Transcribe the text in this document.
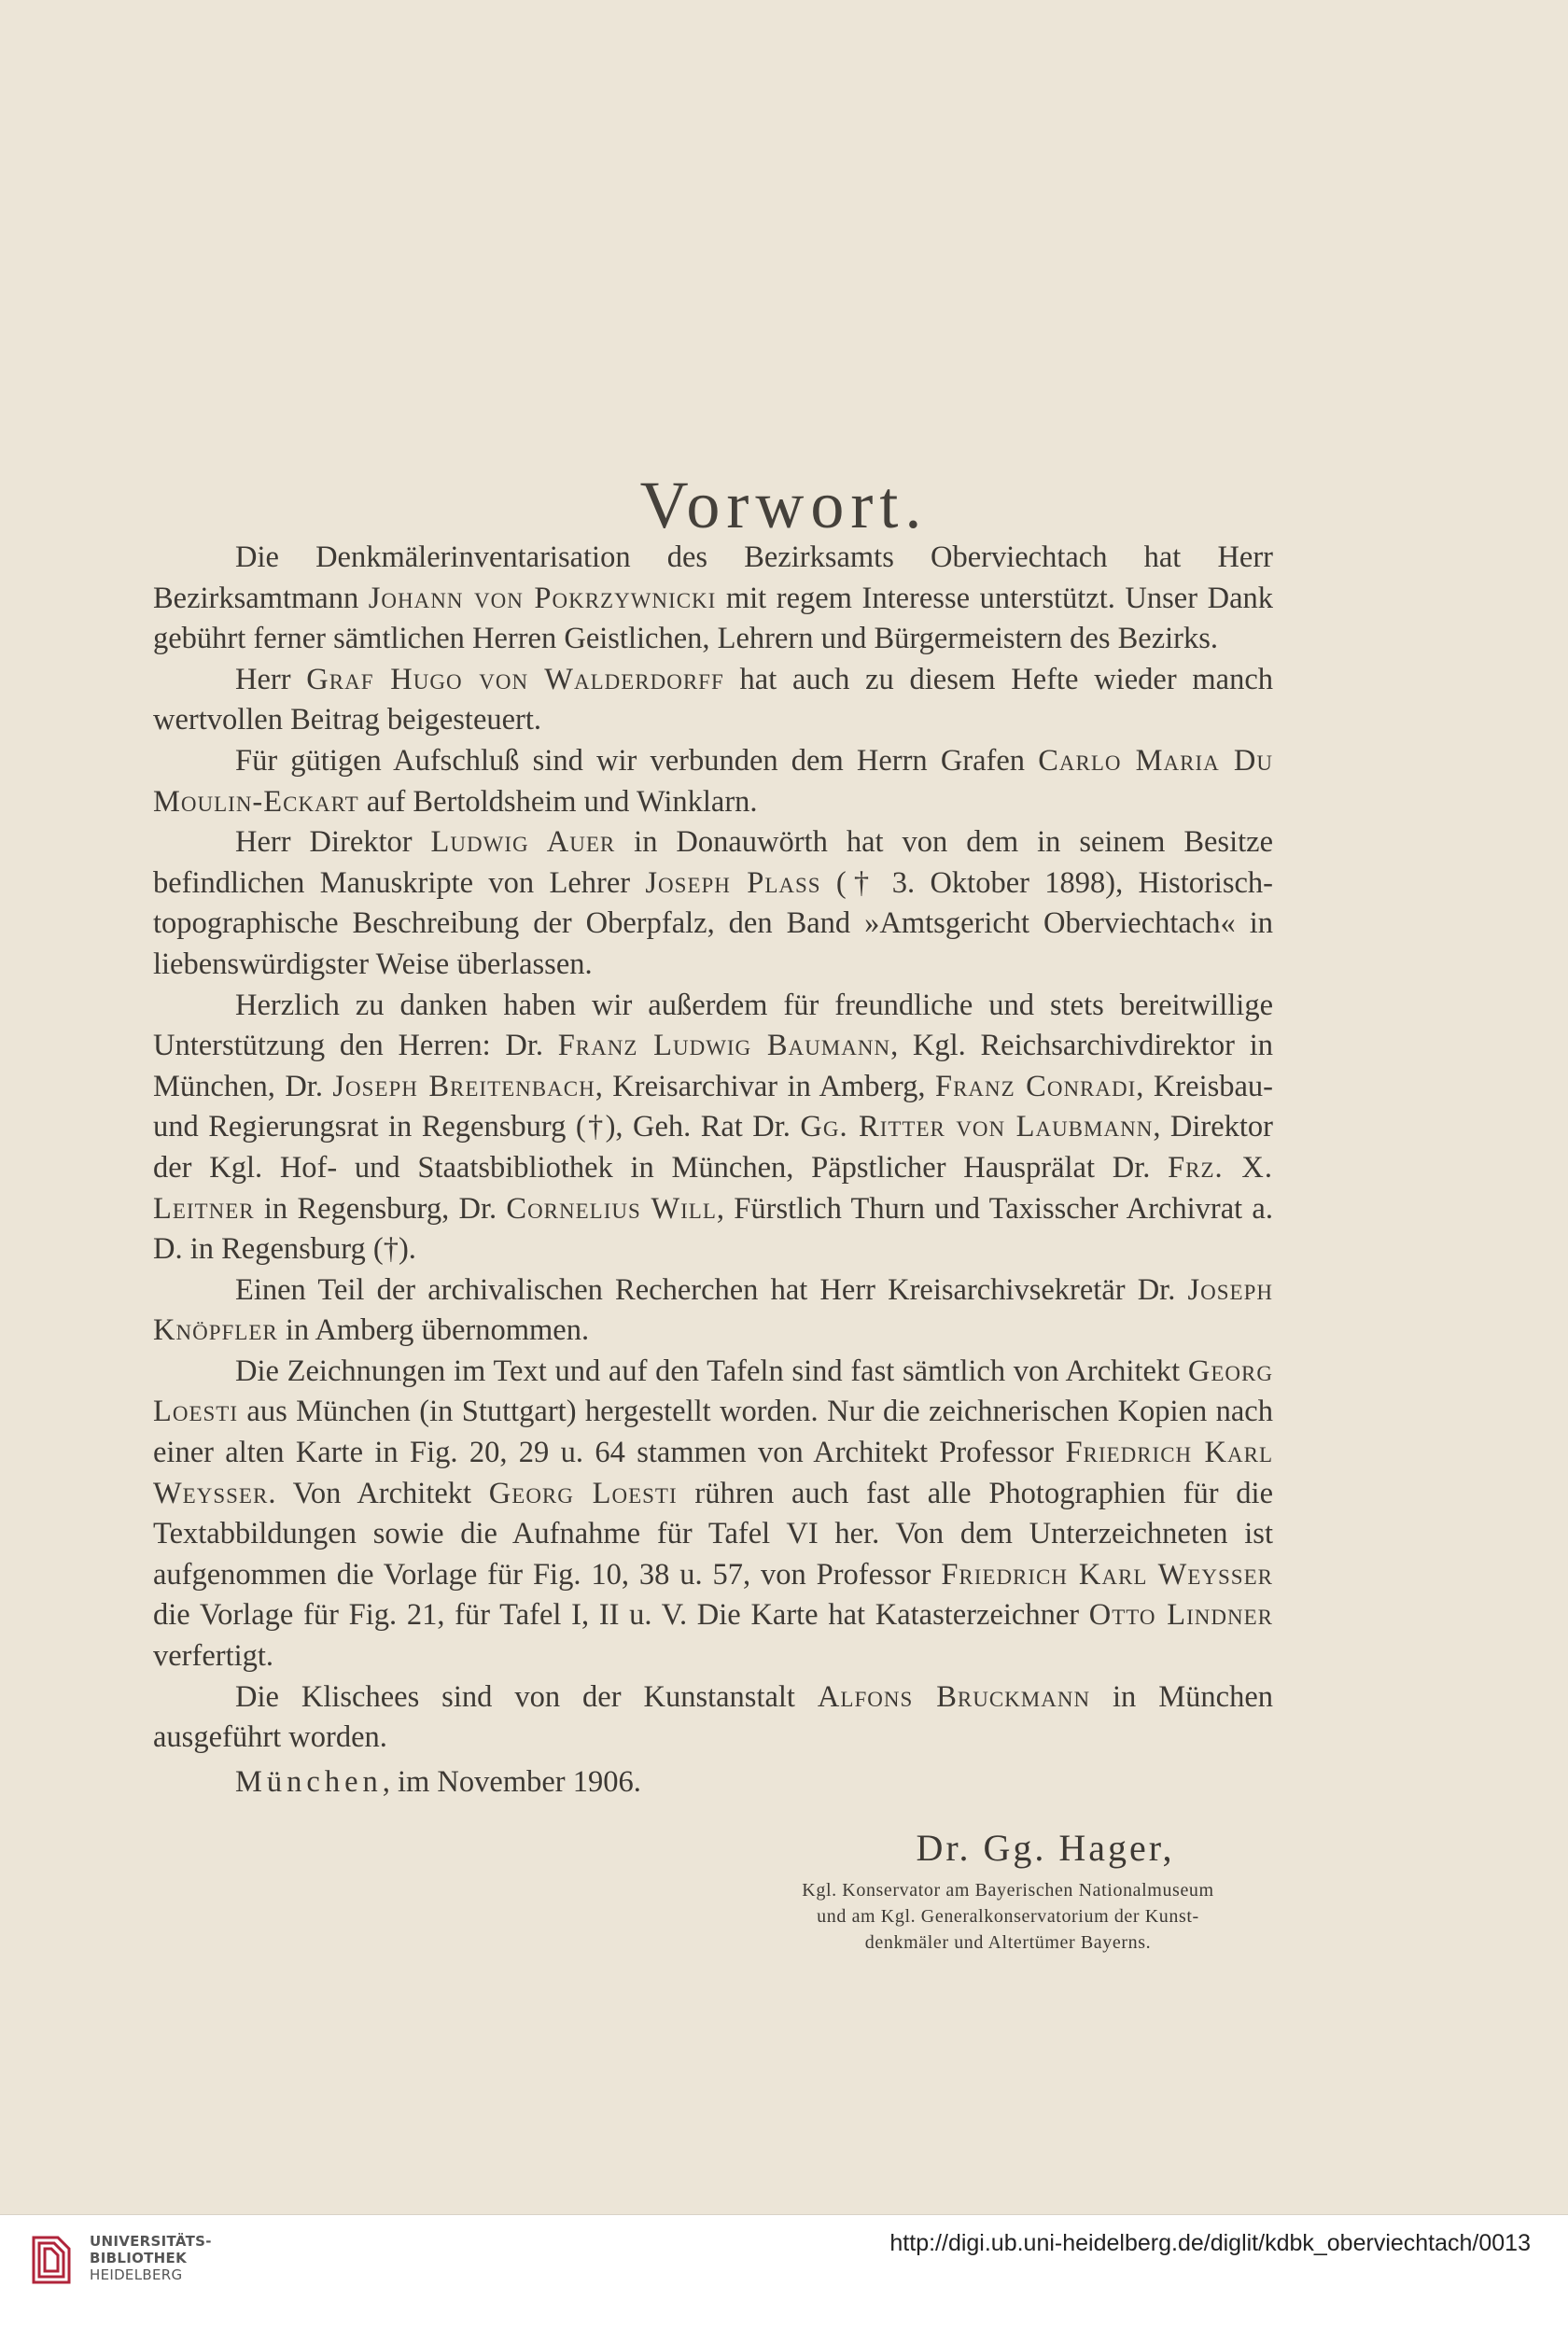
Vorwort.

Die Denkmälerinventarisation des Bezirksamts Oberviechtach hat Herr Bezirksamtmann Johann von Pokrzywnicki mit regem Interesse unterstützt. Unser Dank gebührt ferner sämtlichen Herren Geistlichen, Lehrern und Bürgermeistern des Bezirks.

Herr Graf Hugo von Walderdorff hat auch zu diesem Hefte wieder manch wertvollen Beitrag beigesteuert.

Für gütigen Aufschluß sind wir verbunden dem Herrn Grafen Carlo Maria Du Moulin-Eckart auf Bertoldsheim und Winklarn.

Herr Direktor Ludwig Auer in Donauwörth hat von dem in seinem Besitze befindlichen Manuskripte von Lehrer Joseph Plass († 3. Oktober 1898), Historisch-topographische Beschreibung der Oberpfalz, den Band »Amtsgericht Oberviechtach« in liebenswürdigster Weise überlassen.

Herzlich zu danken haben wir außerdem für freundliche und stets bereitwillige Unterstützung den Herren: Dr. Franz Ludwig Baumann, Kgl. Reichsarchivdirektor in München, Dr. Joseph Breitenbach, Kreisarchivar in Amberg, Franz Conradi, Kreisbau- und Regierungsrat in Regensburg (†), Geh. Rat Dr. Gg. Ritter von Laubmann, Direktor der Kgl. Hof- und Staatsbibliothek in München, Päpstlicher Hausprälat Dr. Frz. X. Leitner in Regensburg, Dr. Cornelius Will, Fürstlich Thurn und Taxisscher Archivrat a. D. in Regensburg (†).

Einen Teil der archivalischen Recherchen hat Herr Kreisarchivsekretär Dr. Joseph Knöpfler in Amberg übernommen.

Die Zeichnungen im Text und auf den Tafeln sind fast sämtlich von Architekt Georg Loesti aus München (in Stuttgart) hergestellt worden. Nur die zeichnerischen Kopien nach einer alten Karte in Fig. 20, 29 u. 64 stammen von Architekt Professor Friedrich Karl Weysser. Von Architekt Georg Loesti rühren auch fast alle Photographien für die Textabbildungen sowie die Aufnahme für Tafel VI her. Von dem Unterzeichneten ist aufgenommen die Vorlage für Fig. 10, 38 u. 57, von Professor Friedrich Karl Weysser die Vorlage für Fig. 21, für Tafel I, II u. V. Die Karte hat Katasterzeichner Otto Lindner verfertigt.

Die Klischees sind von der Kunstanstalt Alfons Bruckmann in München ausgeführt worden.

München, im November 1906.
Dr. Gg. Hager,
Kgl. Konservator am Bayerischen Nationalmuseum
und am Kgl. Generalkonservatorium der Kunst-
denkmäler und Altertümer Bayerns.
UNIVERSITÄTS-
BIBLIOTHEK
HEIDELBERG
http://digi.ub.uni-heidelberg.de/diglit/kdbk_oberviechtach/0013
